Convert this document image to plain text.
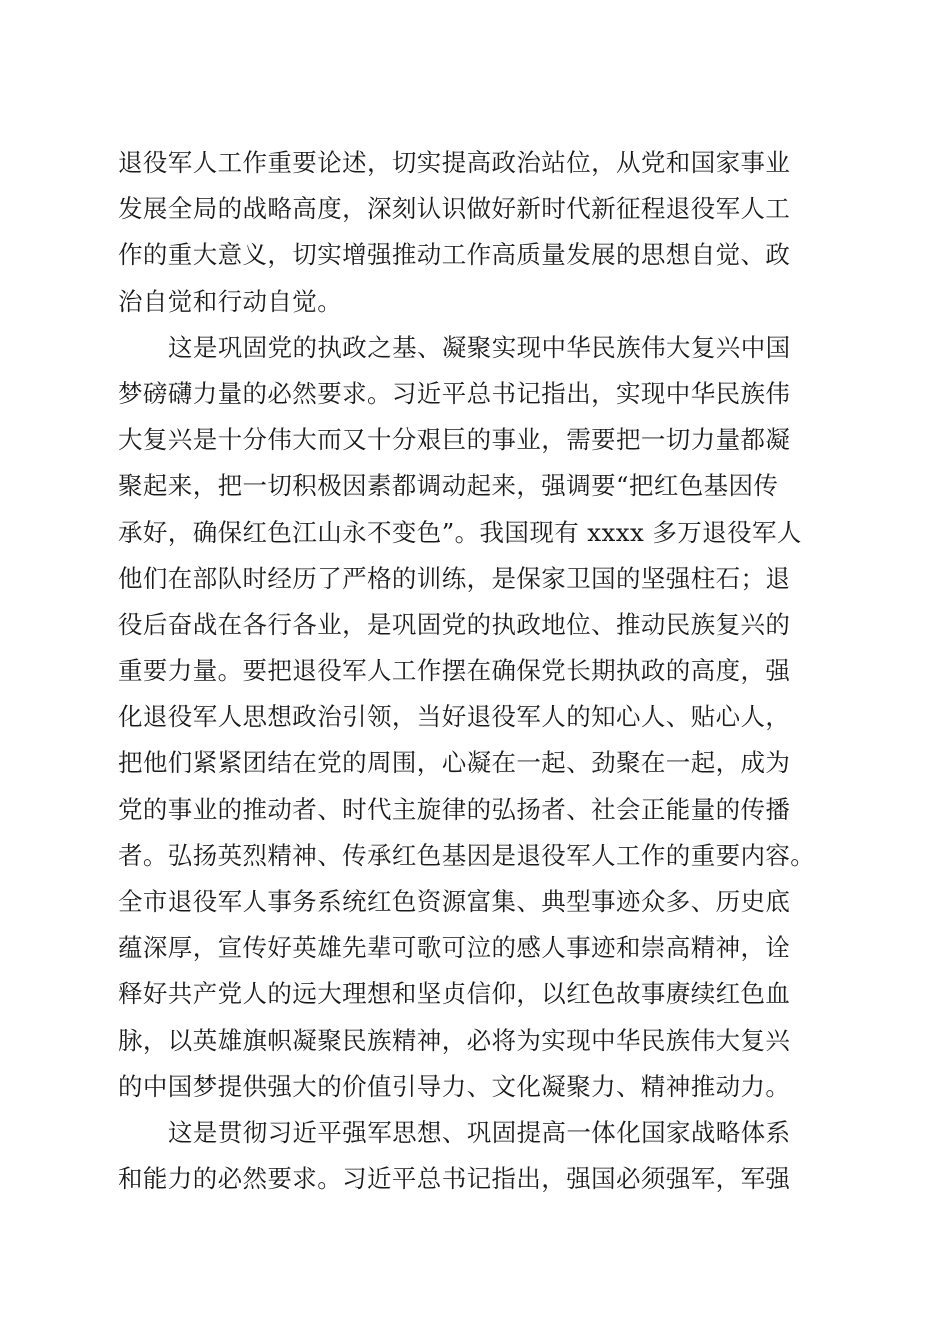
退役军人工作重要论述，切实提高政治站位，从党和国家事业
发展全局的战略高度，深刻认识做好新时代新征程退役军人工
作的重大意义，切实增强推动工作高质量发展的思想自觉、政
治自觉和行动自觉。
这是巩固党的执政之基、凝聚实现中华民族伟大复兴中国
梦磅礴力量的必然要求。习近平总书记指出，实现中华民族伟
大复兴是十分伟大而又十分艰巨的事业，需要把一切力量都凝
聚起来，把一切积极因素都调动起来，强调要“把红色基因传
承好，确保红色江山永不变色”。我国现有 xxxx 多万退役军人
他们在部队时经历了严格的训练，是保家卫国的坚强柱石；退
役后奋战在各行各业，是巩固党的执政地位、推动民族复兴的
重要力量。要把退役军人工作摆在确保党长期执政的高度，强
化退役军人思想政治引领，当好退役军人的知心人、贴心人，
把他们紧紧团结在党的周围，心凝在一起、劲聚在一起，成为
党的事业的推动者、时代主旋律的弘扬者、社会正能量的传播
者。弘扬英烈精神、传承红色基因是退役军人工作的重要内容。
全市退役军人事务系统红色资源富集、典型事迹众多、历史底
蕴深厚，宣传好英雄先辈可歌可泣的感人事迹和崇高精神，诠
释好共产党人的远大理想和坚贞信仰，以红色故事赓续红色血
脉，以英雄旗帜凝聚民族精神，必将为实现中华民族伟大复兴
的中国梦提供强大的价值引导力、文化凝聚力、精神推动力。
这是贯彻习近平强军思想、巩固提高一体化国家战略体系
和能力的必然要求。习近平总书记指出，强国必须强军，军强
